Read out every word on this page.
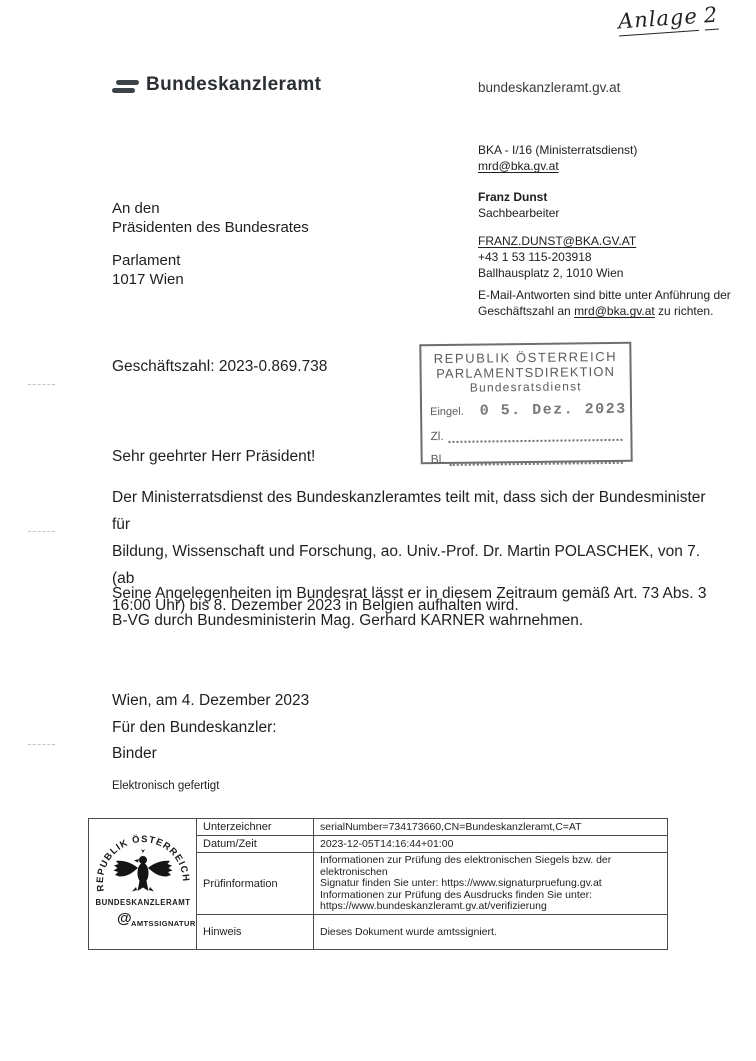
Anlage 2
Bundeskanzleramt	bundeskanzleramt.gv.at
BKA - I/16 (Ministerratsdienst)
mrd@bka.gv.at
Franz Dunst
Sachbearbeiter
FRANZ.DUNST@BKA.GV.AT
+43 1 53 115-203918
Ballhausplatz 2, 1010 Wien
E-Mail-Antworten sind bitte unter Anführung der
Geschäftszahl an mrd@bka.gv.at zu richten.
An den
Präsidenten des Bundesrates
Parlament
1017 Wien
Geschäftszahl: 2023-0.869.738
REPUBLIK ÖSTERREICH
PARLAMENTSDIREKTION
Bundesratsdienst
Eingel. 0 5. Dez. 2023
Zl.
Bl.
Sehr geehrter Herr Präsident!
Der Ministerratsdienst des Bundeskanzleramtes teilt mit, dass sich der Bundesminister für
Bildung, Wissenschaft und Forschung, ao. Univ.-Prof. Dr. Martin POLASCHEK, von 7. (ab
16:00 Uhr) bis 8. Dezember 2023 in Belgien aufhalten wird.
Seine Angelegenheiten im Bundesrat lässt er in diesem Zeitraum gemäß Art. 73 Abs. 3
B-VG durch Bundesministerin Mag. Gerhard KARNER wahrnehmen.
Wien, am 4. Dezember 2023
Für den Bundeskanzler:
Binder
Elektronisch gefertigt
REPUBLIK ÖSTERREICH
BUNDESKANZLERAMT
@ AMTSSIGNATUR	Unterzeichner	serialNumber=734173660,CN=Bundeskanzleramt,C=AT
	Datum/Zeit	2023-12-05T14:16:44+01:00
	Prüfinformation	Informationen zur Prüfung des elektronischen Siegels bzw. der elektronischen
Signatur finden Sie unter: https://www.signaturpruefung.gv.at
Informationen zur Prüfung des Ausdrucks finden Sie unter:
https://www.bundeskanzleramt.gv.at/verifizierung

	Hinweis	Dieses Dokument wurde amtssigniert.
